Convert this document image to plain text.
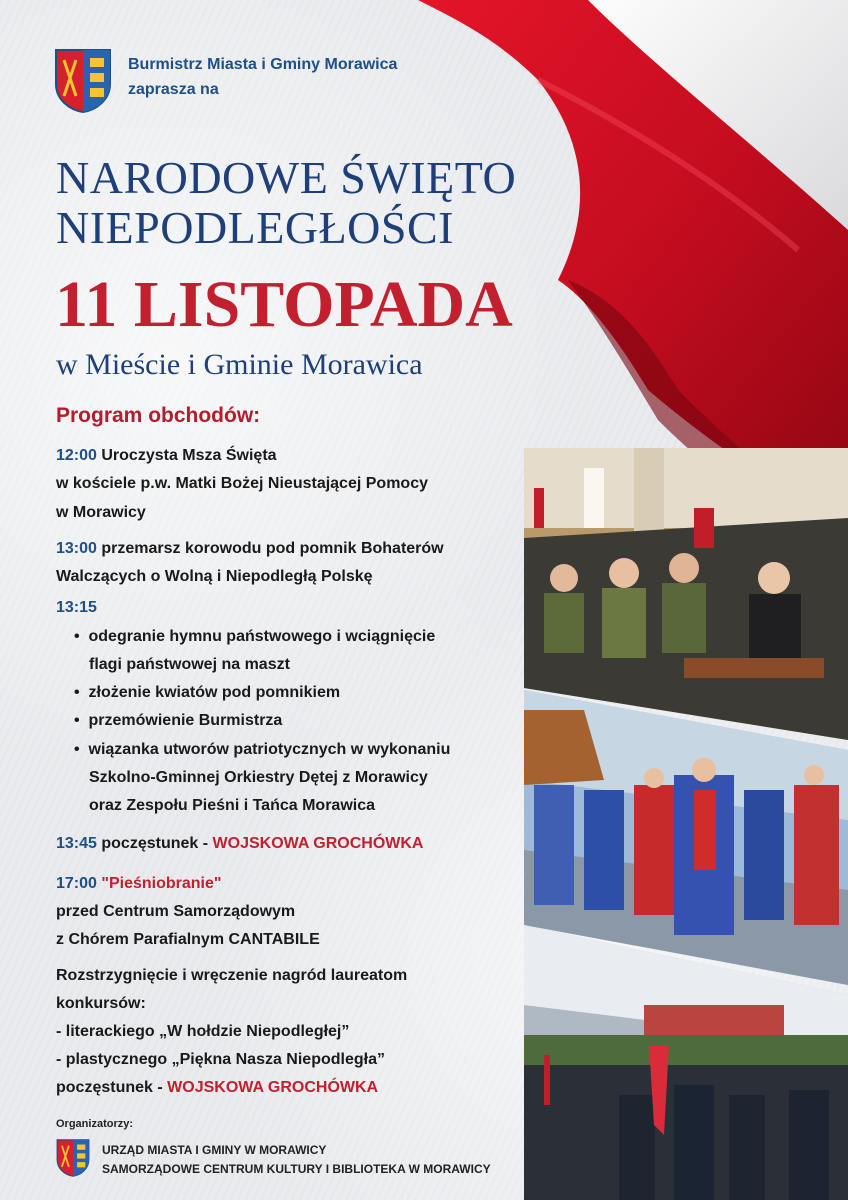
Burmistrz Miasta i Gminy Morawica
zaprasza na
NARODOWE ŚWIĘTO
NIEPODLEGŁOŚCI
11 LISTOPADA
w Mieście i Gminie Morawica
Program obchodów:
12:00 Uroczysta Msza Święta
w kościele p.w. Matki Bożej Nieustającej Pomocy
w Morawicy
13:00 przemarsz korowodu pod pomnik Bohaterów
Walczących o Wolną i Niepodległą Polskę
13:15
•  odegranie hymnu państwowego i wciągnięcie
flagi państwowej na maszt
•  złożenie kwiatów pod pomnikiem
•  przemówienie Burmistrza
•  wiązanka utworów patriotycznych w wykonaniu
Szkolno-Gminnej Orkiestry Dętej z Morawicy
oraz Zespołu Pieśni i Tańca Morawica
13:45 poczęstunek - WOJSKOWA GROCHÓWKA
17:00 "Pieśniobranie"
przed Centrum Samorządowym
z Chórem Parafialnym CANTABILE
Rozstrzygnięcie i wręczenie nagród laureatom
konkursów:
- literackiego „W hołdzie Niepodległej”
- plastycznego „Piękna Nasza Niepodległa”
poczęstunek - WOJSKOWA GROCHÓWKA
Organizatorzy:
URZĄD MIASTA I GMINY W MORAWICY
SAMORZĄDOWE CENTRUM KULTURY I BIBLIOTEKA W MORAWICY
